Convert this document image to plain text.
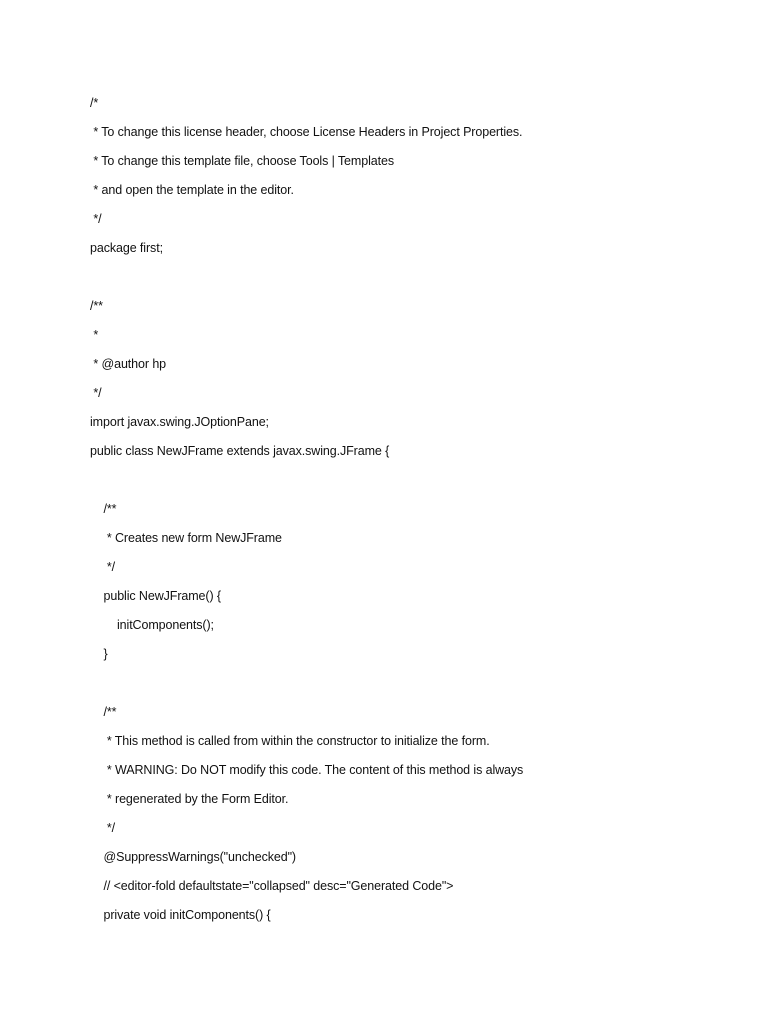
/*
* To change this license header, choose License Headers in Project Properties.
* To change this template file, choose Tools | Templates
* and open the template in the editor.
*/
package first;
/**
*
* @author hp
*/
import javax.swing.JOptionPane;
public class NewJFrame extends javax.swing.JFrame {
/**
* Creates new form NewJFrame
*/
public NewJFrame() {
initComponents();
}
/**
* This method is called from within the constructor to initialize the form.
* WARNING: Do NOT modify this code. The content of this method is always
* regenerated by the Form Editor.
*/
@SuppressWarnings("unchecked")
// <editor-fold defaultstate="collapsed" desc="Generated Code">
private void initComponents() {
